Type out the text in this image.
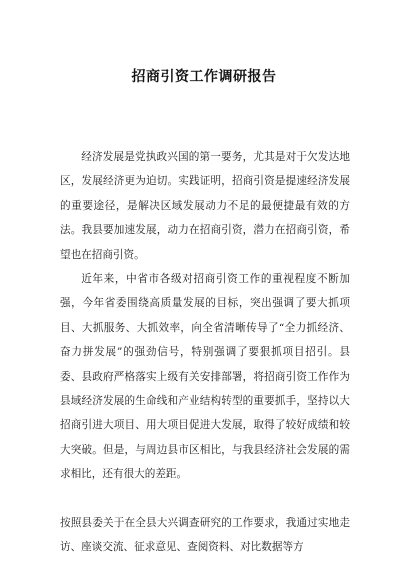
招商引资工作调研报告

经济发展是党执政兴国的第一要务，尤其是对于欠发达地区，发展经济更为迫切。实践证明，招商引资是提速经济发展的重要途径，是解决区域发展动力不足的最便捷最有效的方法。我县要加速发展，动力在招商引资，潜力在招商引资，希望也在招商引资。

近年来，中省市各级对招商引资工作的重视程度不断加强，今年省委围绕高质量发展的目标，突出强调了要大抓项目、大抓服务、大抓效率，向全省清晰传导了“全力抓经济、奋力拼发展”的强劲信号，特别强调了要狠抓项目招引。县委、县政府严格落实上级有关安排部署，将招商引资工作作为县域经济发展的生命线和产业结构转型的重要抓手，坚持以大招商引进大项目、用大项目促进大发展，取得了较好成绩和较大突破。但是，与周边县市区相比，与我县经济社会发展的需求相比，还有很大的差距。

按照县委关于在全县大兴调查研究的工作要求，我通过实地走访、座谈交流、征求意见、查阅资料、对比数据等方
